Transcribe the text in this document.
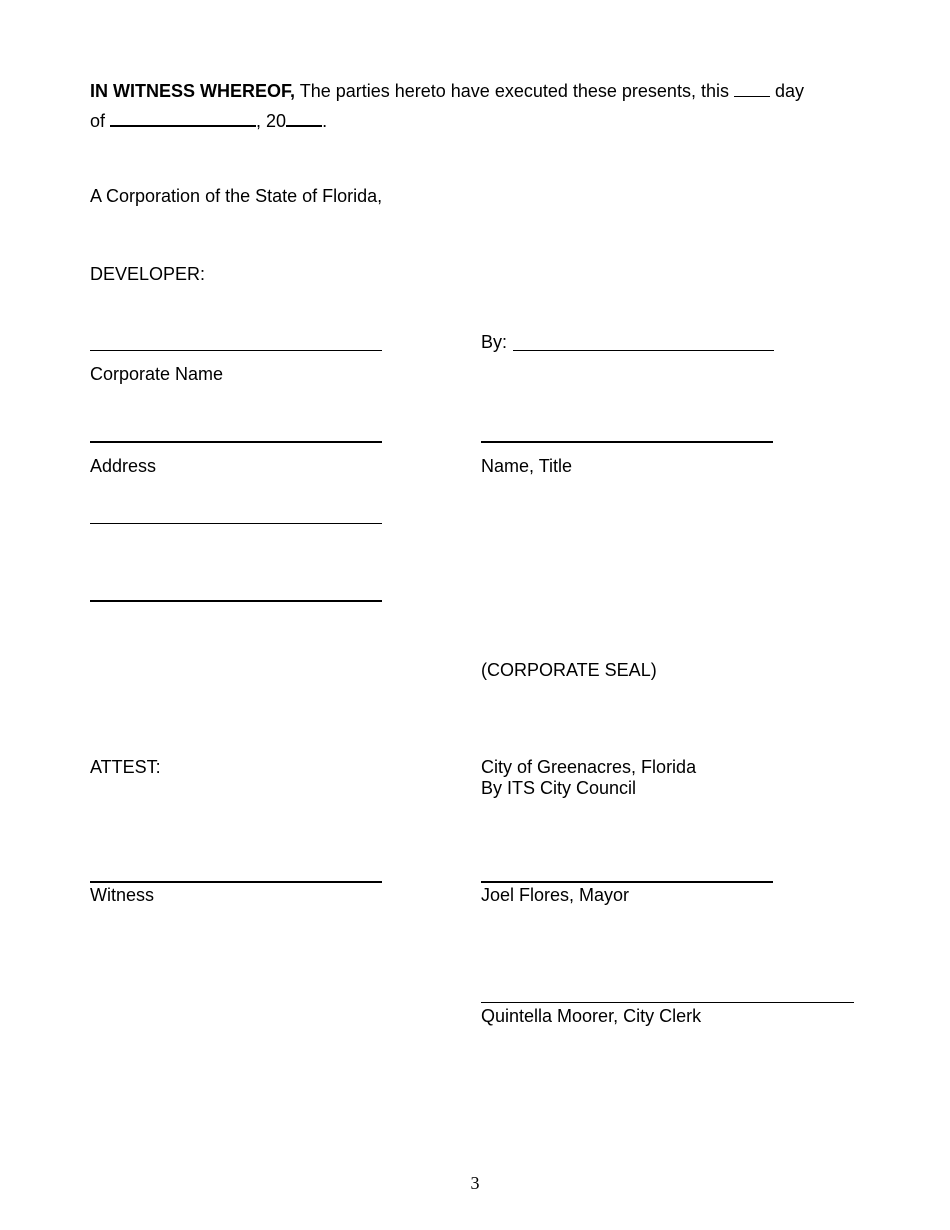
IN WITNESS WHEREOF, The parties hereto have executed these presents, this	day
of	, 20 .
A Corporation of the State of Florida,
DEVELOPER:
Corporate Name
By:
Address	Name, Title
(CORPORATE SEAL)
ATTEST:	City of Greenacres, Florida
By ITS City Council
Witness	Joel Flores, Mayor
Quintella Moorer, City Clerk
3
